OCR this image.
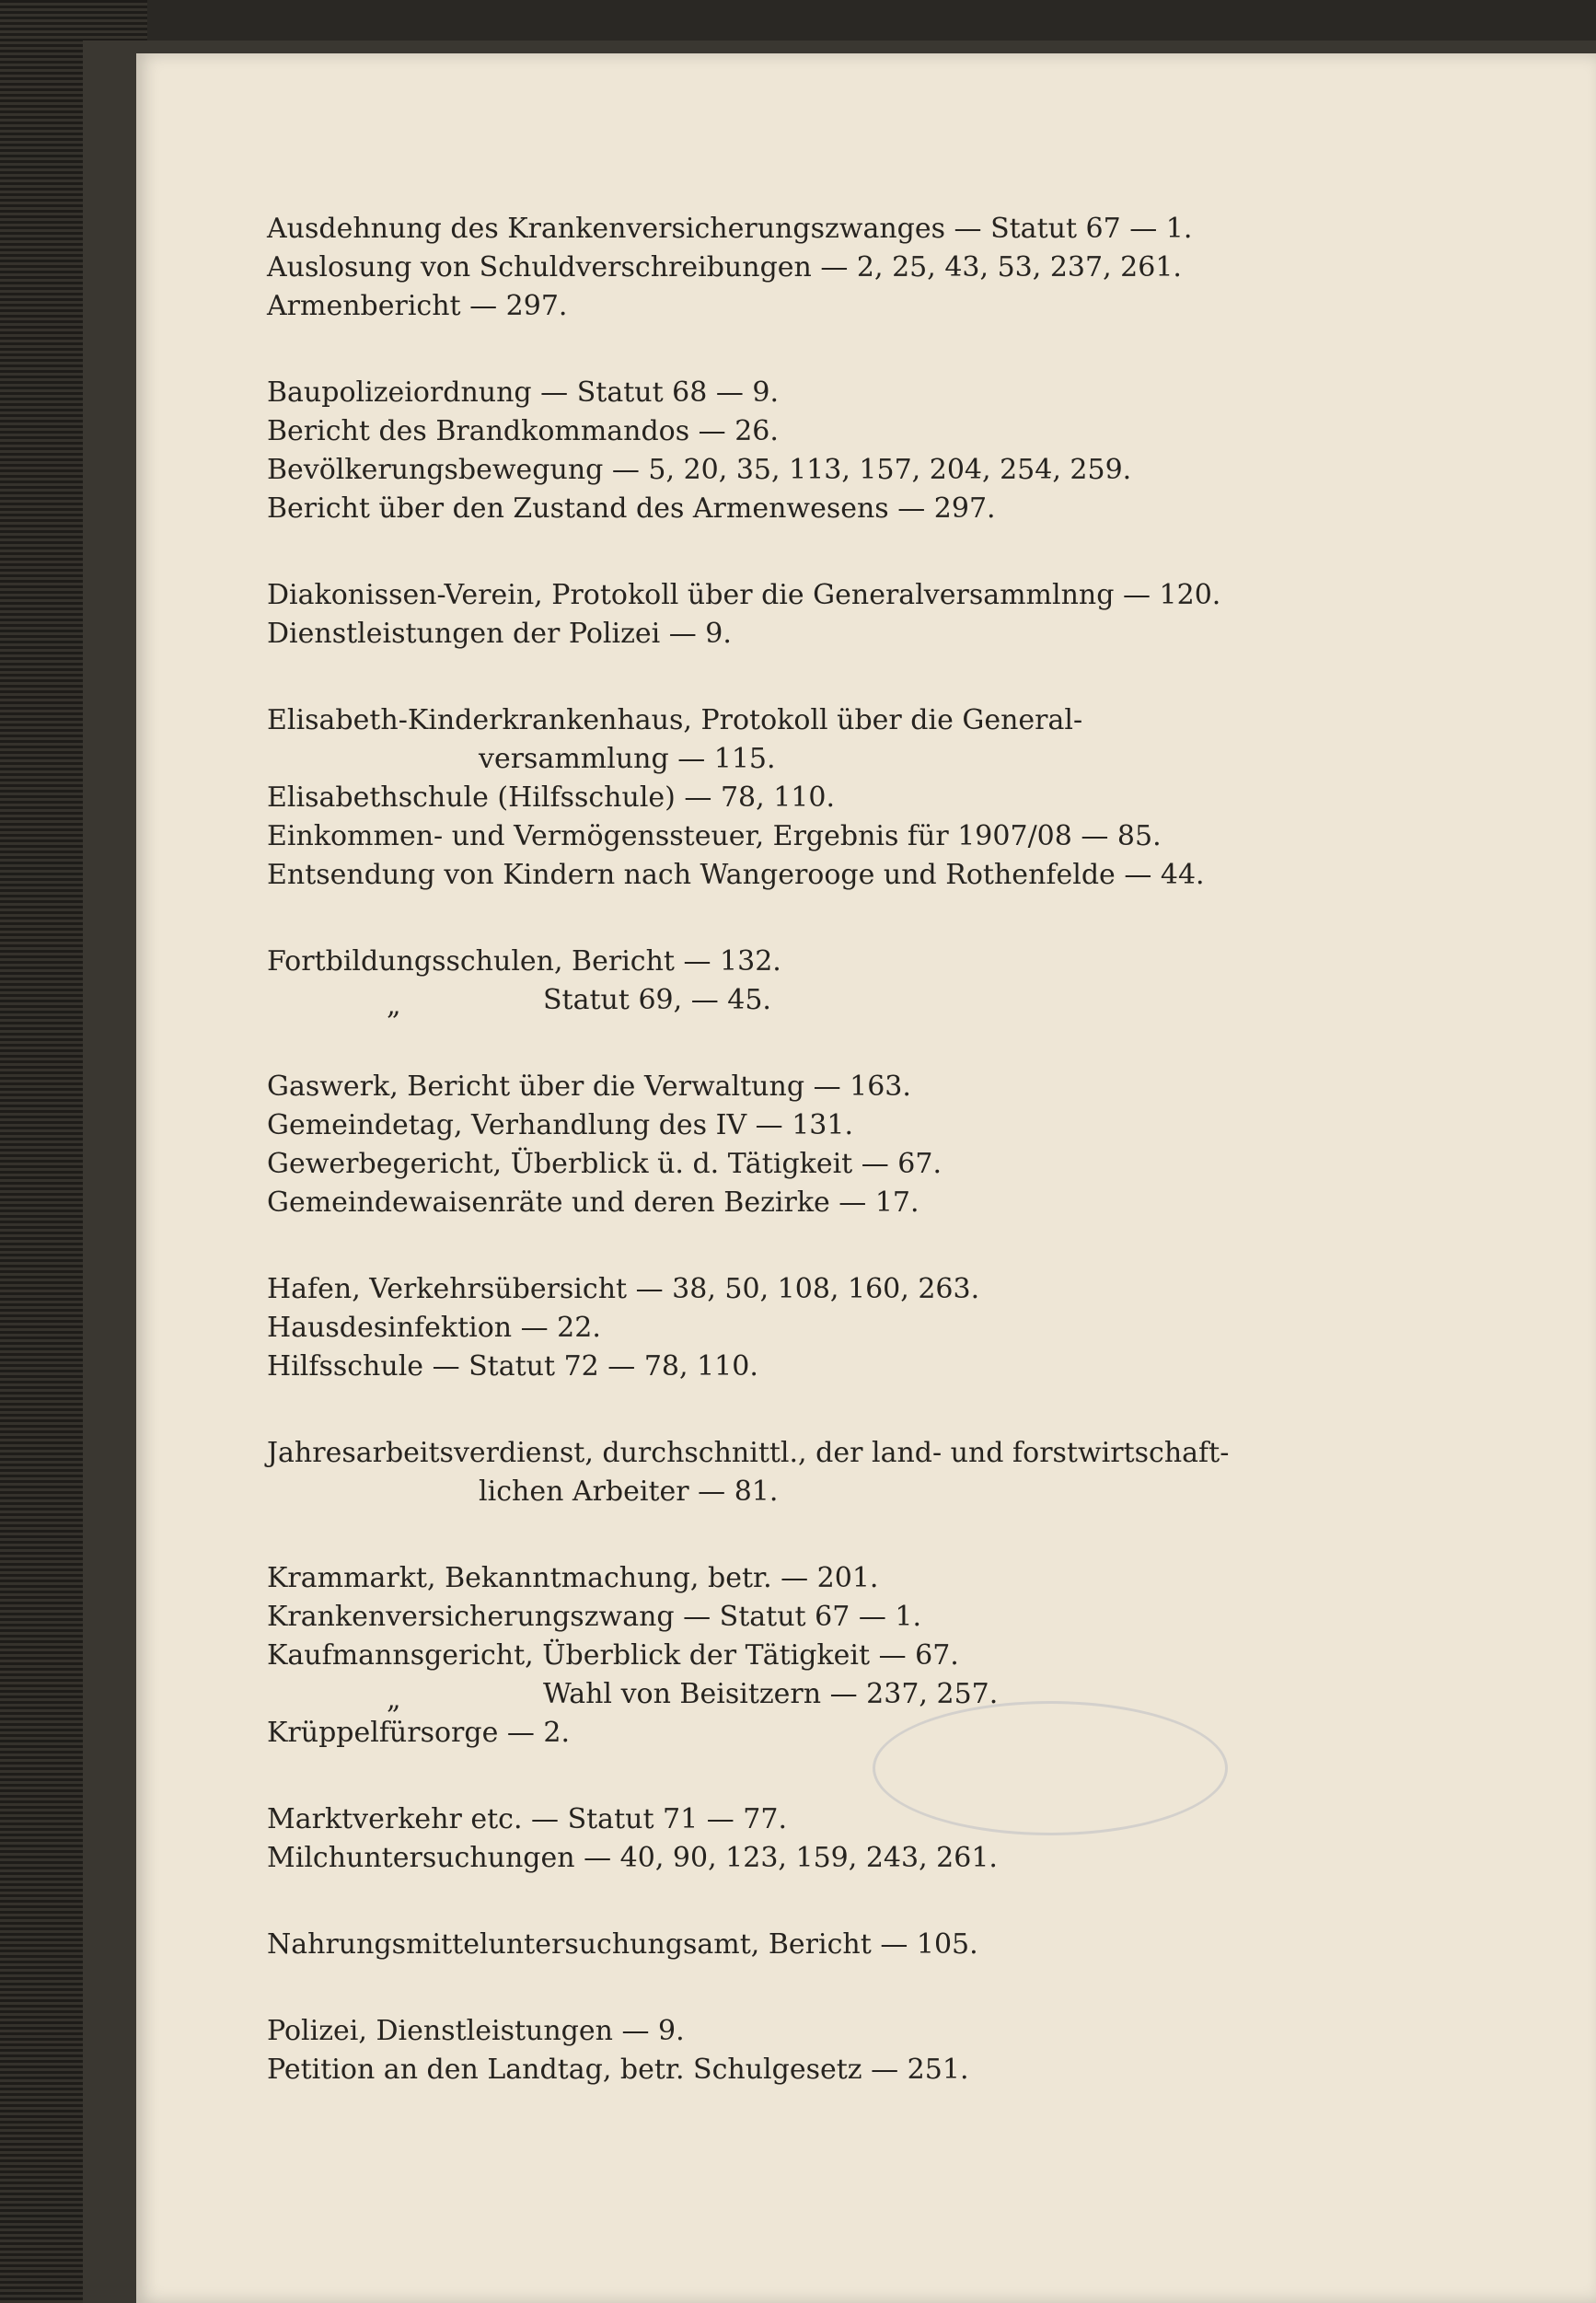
Ausdehnung des Krankenversicherungszwanges — Statut 67 — 1.

Auslosung von Schuldverschreibungen — 2, 25, 43, 53, 237, 261.

Armenbericht — 297.

Baupolizeiordnung — Statut 68 — 9.

Bericht des Brandkommandos — 26.

Bevölkerungsbewegung — 5, 20, 35, 113, 157, 204, 254, 259.

Bericht über den Zustand des Armenwesens — 297.

Diakonissen-Verein, Protokoll über die Generalversammlnng — 120.

Dienstleistungen der Polizei — 9.

Elisabeth-Kinderkrankenhaus, Protokoll über die General-

versammlung — 115.

Elisabethschule (Hilfsschule) — 78, 110.

Einkommen- und Vermögenssteuer, Ergebnis für 1907/08 — 85.

Entsendung von Kindern nach Wangerooge und Rothenfelde — 44.

Fortbildungsschulen, Bericht — 132.

„	Statut 69, — 45.

Gaswerk, Bericht über die Verwaltung — 163.

Gemeindetag, Verhandlung des IV — 131.

Gewerbegericht, Überblick ü. d. Tätigkeit — 67.

Gemeindewaisenräte und deren Bezirke — 17.

Hafen, Verkehrsübersicht — 38, 50, 108, 160, 263.

Hausdesinfektion — 22.

Hilfsschule — Statut 72 — 78, 110.

Jahresarbeitsverdienst, durchschnittl., der land- und forstwirtschaft-

lichen Arbeiter — 81.

Krammarkt, Bekanntmachung, betr. — 201.

Krankenversicherungszwang — Statut 67 — 1.

Kaufmannsgericht, Überblick der Tätigkeit — 67.

„	Wahl von Beisitzern — 237, 257.

Krüppelfürsorge — 2.

Marktverkehr etc. — Statut 71 — 77.

Milchuntersuchungen — 40, 90, 123, 159, 243, 261.

Nahrungsmitteluntersuchungsamt, Bericht — 105.

Polizei, Dienstleistungen — 9.

Petition an den Landtag, betr. Schulgesetz — 251.
